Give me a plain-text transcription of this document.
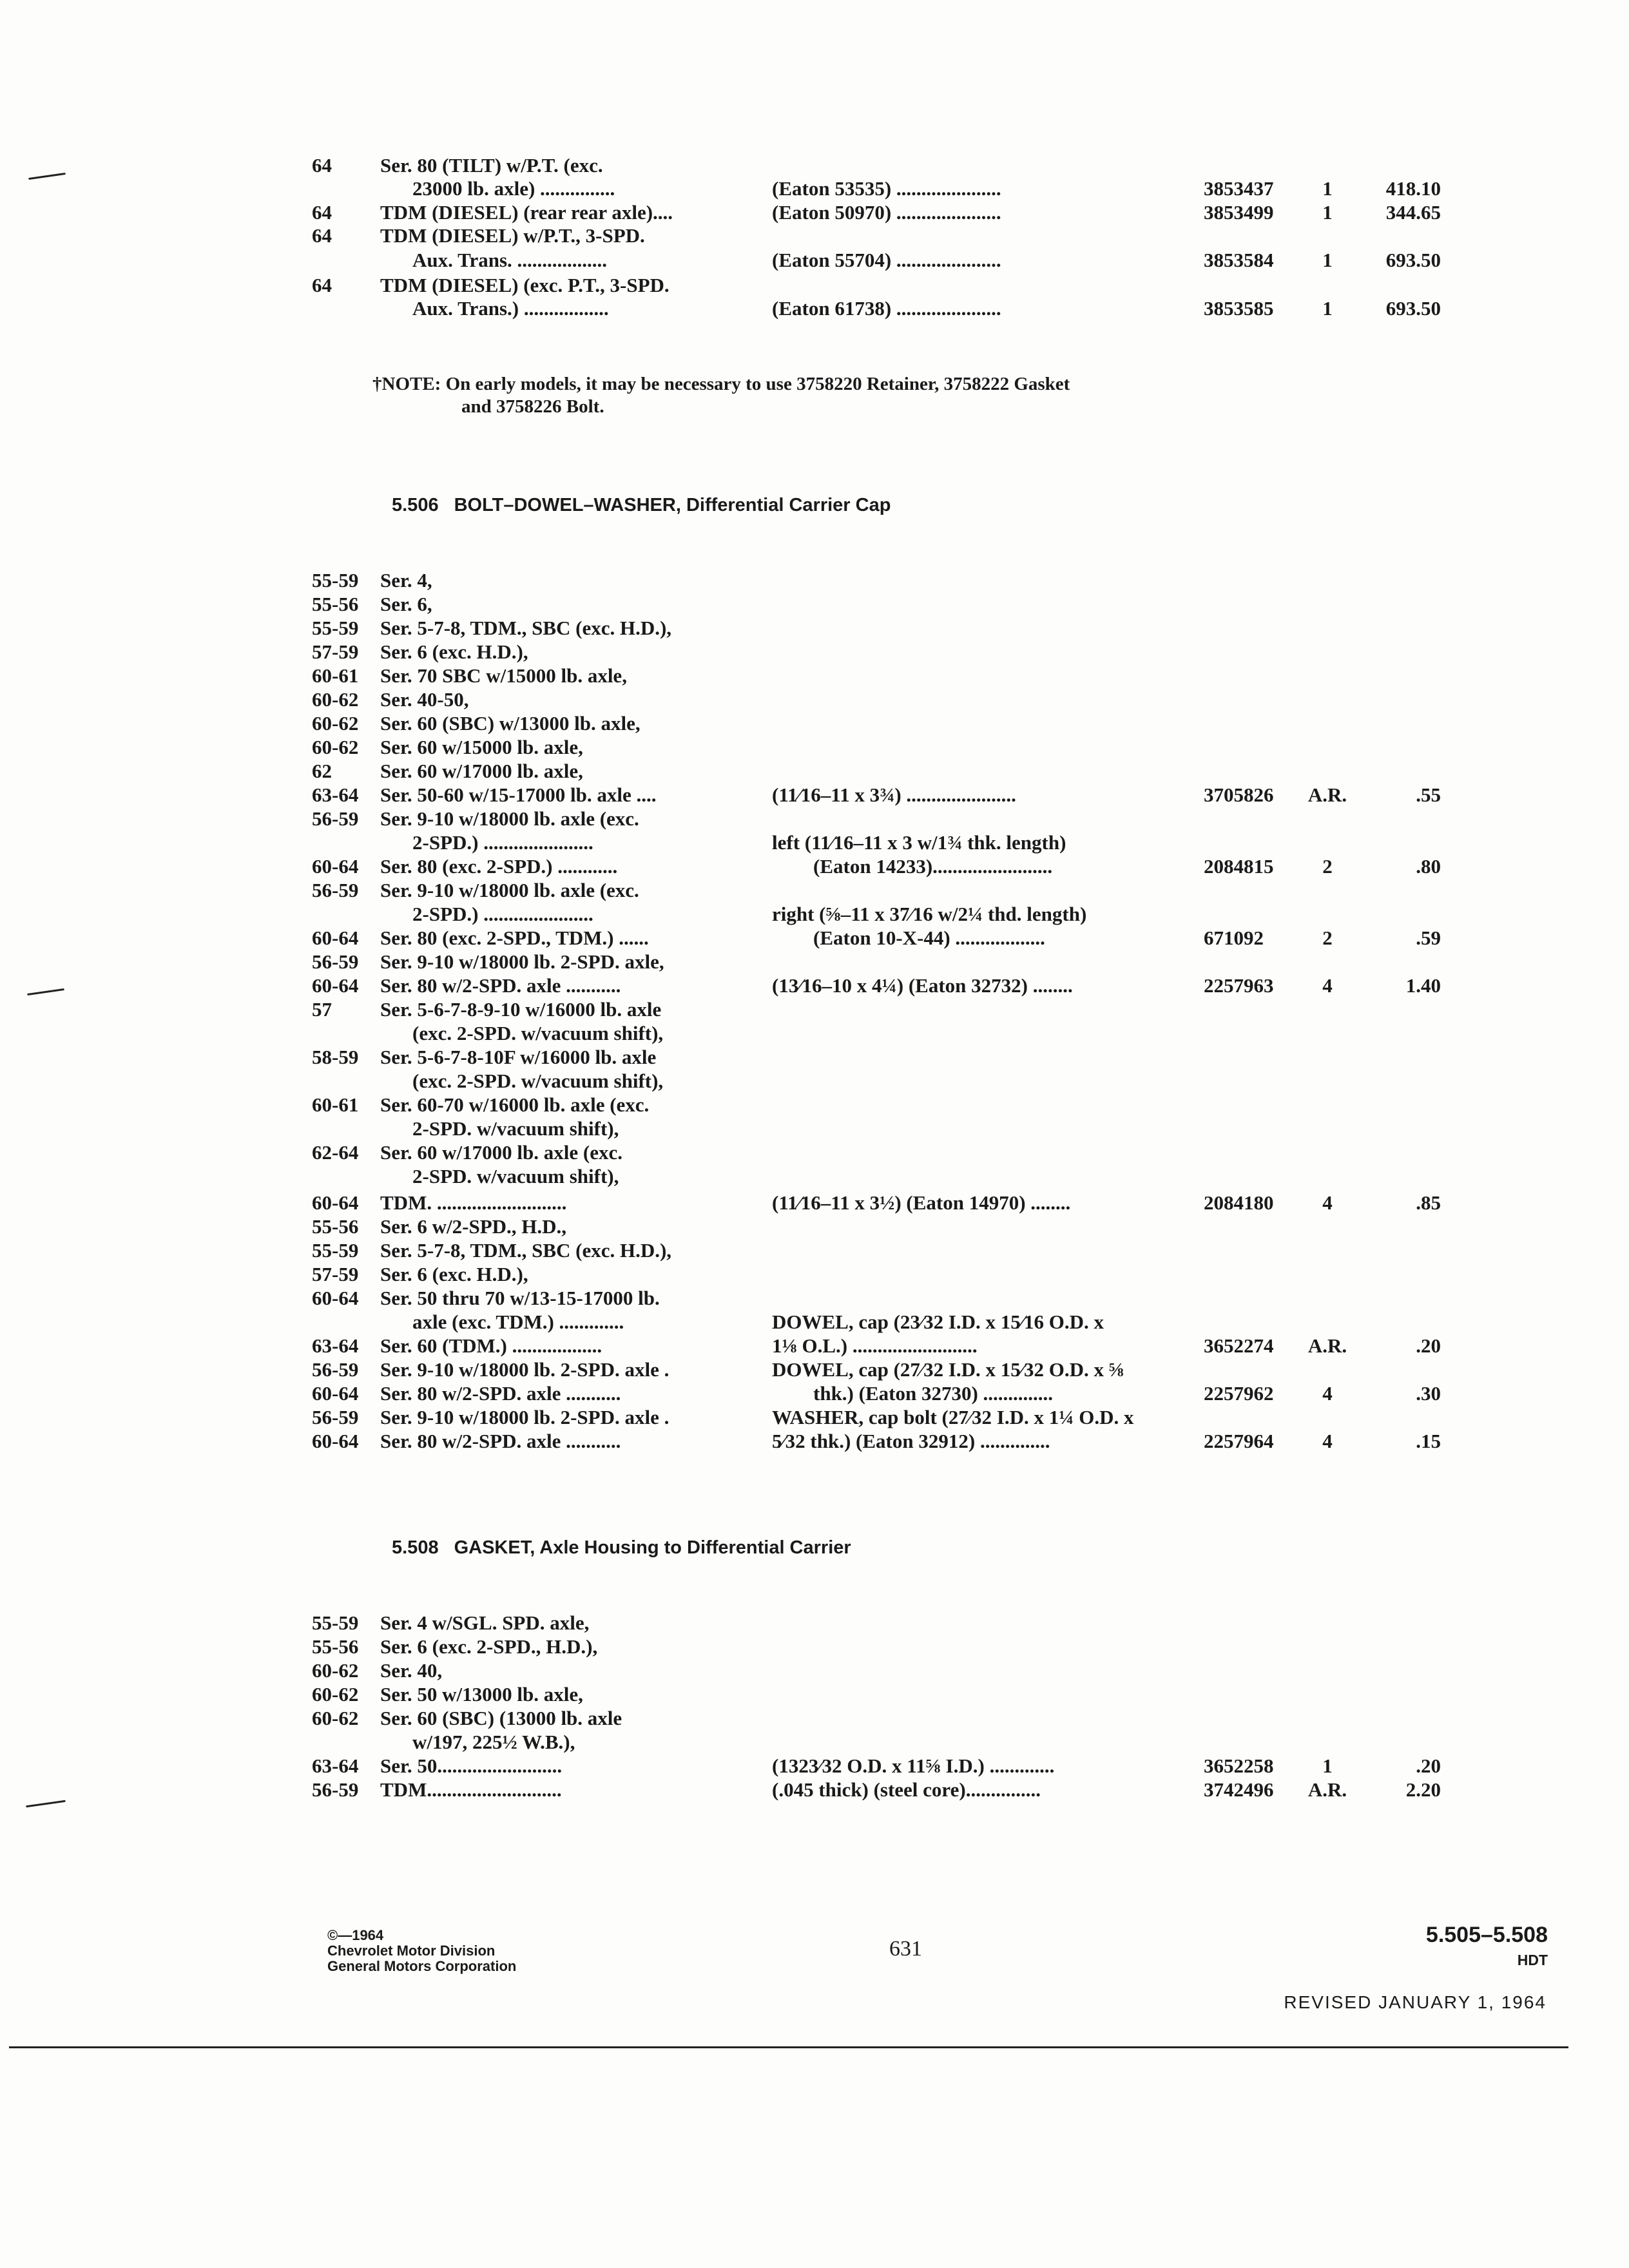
64 Ser. 80 (TILT) w/P.T. (exc.
23000 lb. axle) ...............	(Eaton 53535) .....................	3853437	1	418.10
64 TDM (DIESEL) (rear rear axle)....	(Eaton 50970) .....................	3853499	1	344.65
64 TDM (DIESEL) w/P.T., 3-SPD.
Aux. Trans. ..................	(Eaton 55704) .....................	3853584	1	693.50
64 TDM (DIESEL) (exc. P.T., 3-SPD.
Aux. Trans.) .................	(Eaton 61738) .....................	3853585	1	693.50
†NOTE: On early models, it may be necessary to use 3758220 Retainer, 3758222 Gasket
and 3758226 Bolt.
5.506 BOLT–DOWEL–WASHER, Differential Carrier Cap
55-59 Ser. 4,
55-56 Ser. 6,
55-59 Ser. 5-7-8, TDM., SBC (exc. H.D.),
57-59 Ser. 6 (exc. H.D.),
60-61 Ser. 70 SBC w/15000 lb. axle,
60-62 Ser. 40-50,
60-62 Ser. 60 (SBC) w/13000 lb. axle,
60-62 Ser. 60 w/15000 lb. axle,
62 Ser. 60 w/17000 lb. axle,
63-64 Ser. 50-60 w/15-17000 lb. axle ....	(11⁄16–11 x 3¾) ......................	3705826	A.R.	.55
56-59 Ser. 9-10 w/18000 lb. axle (exc.
2-SPD.) ......................	left (11⁄16–11 x 3 w/1¾ thk. length)
60-64 Ser. 80 (exc. 2-SPD.) ............	(Eaton 14233)........................	2084815	2	.80
56-59 Ser. 9-10 w/18000 lb. axle (exc.
2-SPD.) ......................	right (⅝–11 x 37⁄16 w/2¼ thd. length)
60-64 Ser. 80 (exc. 2-SPD., TDM.) ......	(Eaton 10-X-44) ..................	671092	2	.59
56-59 Ser. 9-10 w/18000 lb. 2-SPD. axle,
60-64 Ser. 80 w/2-SPD. axle ...........	(13⁄16–10 x 4¼) (Eaton 32732) ........	2257963	4	1.40
57 Ser. 5-6-7-8-9-10 w/16000 lb. axle
(exc. 2-SPD. w/vacuum shift),
58-59 Ser. 5-6-7-8-10F w/16000 lb. axle
(exc. 2-SPD. w/vacuum shift),
60-61 Ser. 60-70 w/16000 lb. axle (exc.
2-SPD. w/vacuum shift),
62-64 Ser. 60 w/17000 lb. axle (exc.
2-SPD. w/vacuum shift),
60-64 TDM. ..........................	(11⁄16–11 x 3½) (Eaton 14970) ........	2084180	4	.85
55-56 Ser. 6 w/2-SPD., H.D.,
55-59 Ser. 5-7-8, TDM., SBC (exc. H.D.),
57-59 Ser. 6 (exc. H.D.),
60-64 Ser. 50 thru 70 w/13-15-17000 lb.
axle (exc. TDM.) .............	DOWEL, cap (23⁄32 I.D. x 15⁄16 O.D. x
63-64 Ser. 60 (TDM.) ..................	1⅛ O.L.) .........................	3652274	A.R.	.20
56-59 Ser. 9-10 w/18000 lb. 2-SPD. axle .	DOWEL, cap (27⁄32 I.D. x 15⁄32 O.D. x ⅝
60-64 Ser. 80 w/2-SPD. axle ...........	thk.) (Eaton 32730) ..............	2257962	4	.30
56-59 Ser. 9-10 w/18000 lb. 2-SPD. axle .	WASHER, cap bolt (27⁄32 I.D. x 1¼ O.D. x
60-64 Ser. 80 w/2-SPD. axle ...........	5⁄32 thk.) (Eaton 32912) ..............	2257964	4	.15
5.508 GASKET, Axle Housing to Differential Carrier
55-59 Ser. 4 w/SGL. SPD. axle,
55-56 Ser. 6 (exc. 2-SPD., H.D.),
60-62 Ser. 40,
60-62 Ser. 50 w/13000 lb. axle,
60-62 Ser. 60 (SBC) (13000 lb. axle
w/197, 225½ W.B.),
63-64 Ser. 50.........................	(1323⁄32 O.D. x 11⅝ I.D.) .............	3652258	1	.20
56-59 TDM...........................	(.045 thick) (steel core)...............	3742496	A.R.	2.20
©—1964
Chevrolet Motor Division
General Motors Corporation
631
5.505–5.508
HDT
REVISED JANUARY 1, 1964
